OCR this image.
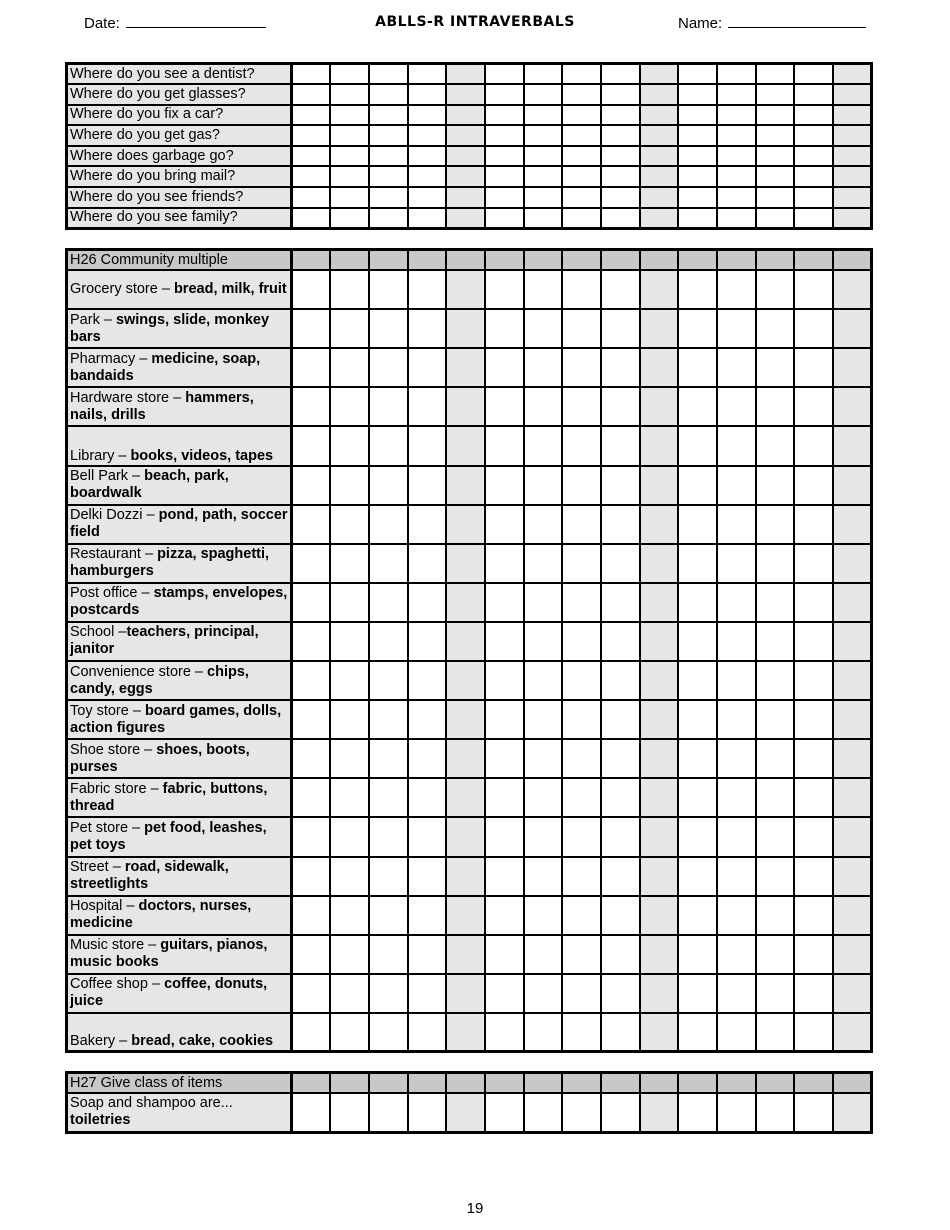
Date:	ABLLS-R INTRAVERBALS	Name:
Where do you see a dentist?															
Where do you get glasses?															
Where do you fix a car?															
Where do you get gas?															
Where does garbage go?															
Where do you bring mail?															
Where do you see friends?															
Where do you see family?															
H26 Community multiple															
Grocery store – bread, milk, fruit															
Park – swings, slide, monkey bars															
Pharmacy – medicine, soap, bandaids															
Hardware store – hammers, nails, drills															
Library – books, videos, tapes															
Bell Park – beach, park, boardwalk															
Delki Dozzi – pond, path, soccer field															
Restaurant – pizza, spaghetti, hamburgers															
Post office – stamps, envelopes, postcards															
School –teachers, principal, janitor															
Convenience store – chips, candy, eggs															
Toy store – board games, dolls, action figures															
Shoe store – shoes, boots, purses															
Fabric store – fabric, buttons, thread															
Pet store – pet food, leashes, pet toys															
Street – road, sidewalk, streetlights															
Hospital – doctors, nurses, medicine															
Music store – guitars, pianos, music books															
Coffee shop – coffee, donuts, juice															
Bakery – bread, cake, cookies															
H27 Give class of items															
Soap and shampoo are... toiletries															
19
